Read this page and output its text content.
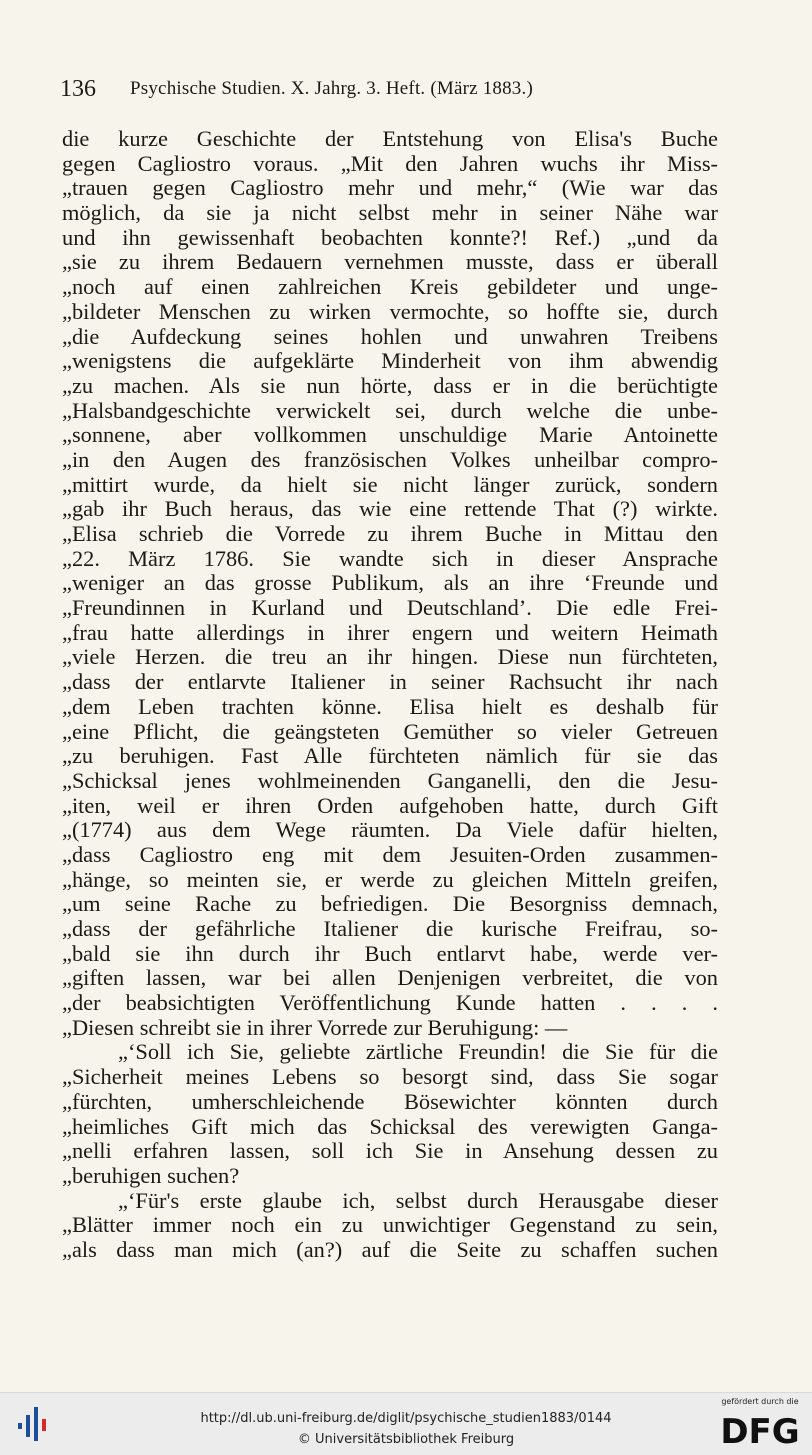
136 Psychische Studien. X. Jahrg. 3. Heft. (März 1883.)
die kurze Geschichte der Entstehung von Elisa's Buche
gegen Cagliostro voraus. „Mit den Jahren wuchs ihr Miss-
„trauen gegen Cagliostro mehr und mehr,“ (Wie war das
möglich, da sie ja nicht selbst mehr in seiner Nähe war
und ihn gewissenhaft beobachten konnte?! Ref.) „und da
„sie zu ihrem Bedauern vernehmen musste, dass er überall
„noch auf einen zahlreichen Kreis gebildeter und unge-
„bildeter Menschen zu wirken vermochte, so hoffte sie, durch
„die Aufdeckung seines hohlen und unwahren Treibens
„wenigstens die aufgeklärte Minderheit von ihm abwendig
„zu machen. Als sie nun hörte, dass er in die berüchtigte
„Halsbandgeschichte verwickelt sei, durch welche die unbe-
„sonnene, aber vollkommen unschuldige Marie Antoinette
„in den Augen des französischen Volkes unheilbar compro-
„mittirt wurde, da hielt sie nicht länger zurück, sondern
„gab ihr Buch heraus, das wie eine rettende That (?) wirkte.
„Elisa schrieb die Vorrede zu ihrem Buche in Mittau den
„22. März 1786. Sie wandte sich in dieser Ansprache
„weniger an das grosse Publikum, als an ihre ‘Freunde und
„Freundinnen in Kurland und Deutschland’. Die edle Frei-
„frau hatte allerdings in ihrer engern und weitern Heimath
„viele Herzen. die treu an ihr hingen. Diese nun fürchteten,
„dass der entlarvte Italiener in seiner Rachsucht ihr nach
„dem Leben trachten könne. Elisa hielt es deshalb für
„eine Pflicht, die geängsteten Gemüther so vieler Getreuen
„zu beruhigen. Fast Alle fürchteten nämlich für sie das
„Schicksal jenes wohlmeinenden Ganganelli, den die Jesu-
„iten, weil er ihren Orden aufgehoben hatte, durch Gift
„(1774) aus dem Wege räumten. Da Viele dafür hielten,
„dass Cagliostro eng mit dem Jesuiten-Orden zusammen-
„hänge, so meinten sie, er werde zu gleichen Mitteln greifen,
„um seine Rache zu befriedigen. Die Besorgniss demnach,
„dass der gefährliche Italiener die kurische Freifrau, so-
„bald sie ihn durch ihr Buch entlarvt habe, werde ver-
„giften lassen, war bei allen Denjenigen verbreitet, die von
„der beabsichtigten Veröffentlichung Kunde hatten . . . .
„Diesen schreibt sie in ihrer Vorrede zur Beruhigung: —
„‘Soll ich Sie, geliebte zärtliche Freundin! die Sie für die
„Sicherheit meines Lebens so besorgt sind, dass Sie sogar
„fürchten, umherschleichende Bösewichter könnten durch
„heimliches Gift mich das Schicksal des verewigten Ganga-
„nelli erfahren lassen, soll ich Sie in Ansehung dessen zu
„beruhigen suchen?
„‘Für's erste glaube ich, selbst durch Herausgabe dieser
„Blätter immer noch ein zu unwichtiger Gegenstand zu sein,
„als dass man mich (an?) auf die Seite zu schaffen suchen
http://dl.ub.uni-freiburg.de/diglit/psychische_studien1883/0144
© Universitätsbibliothek Freiburg
gefördert durch die
DFG
